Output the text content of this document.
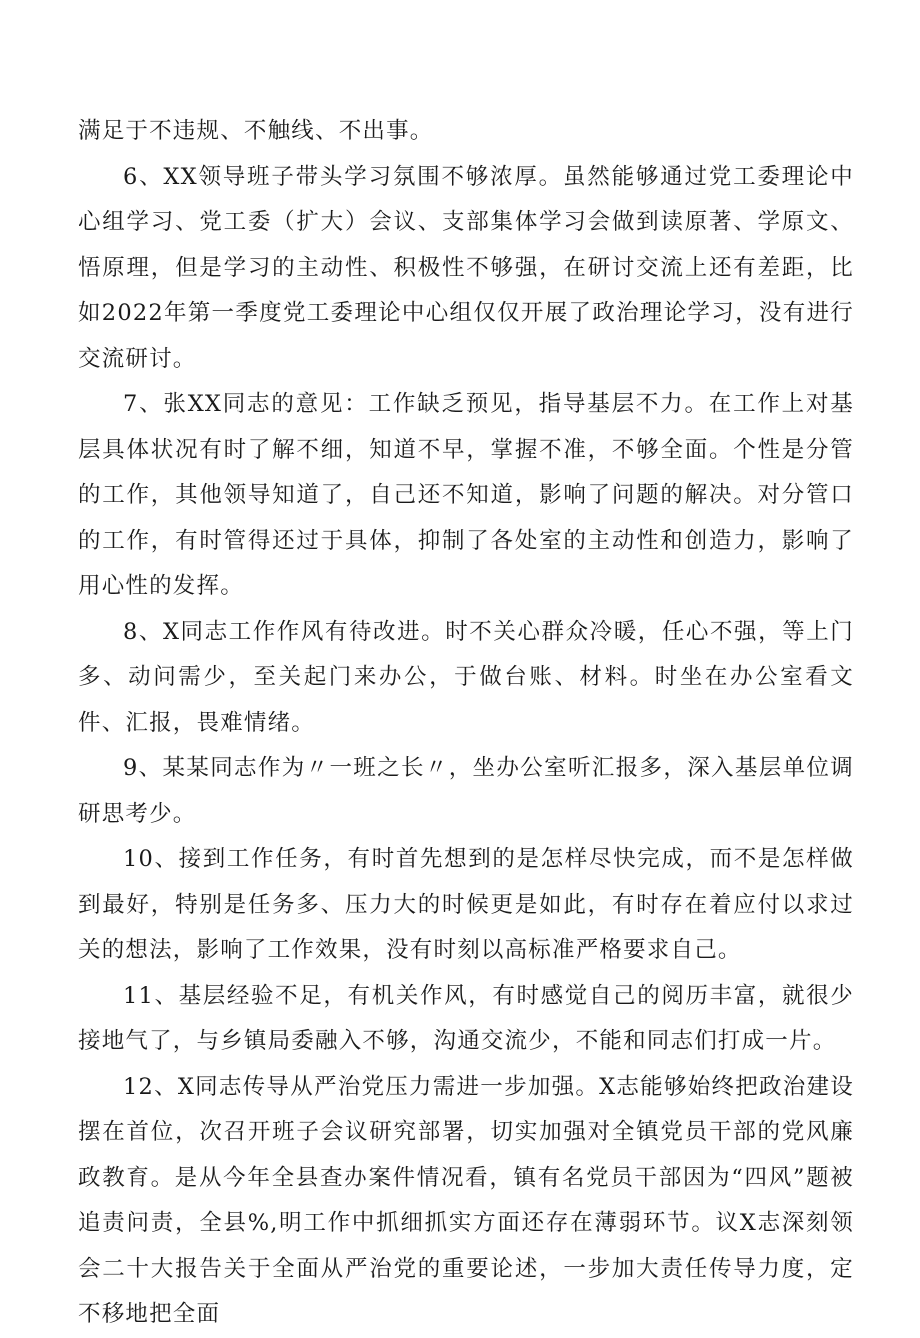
满足于不违规、不触线、不出事。

6、XX领导班子带头学习氛围不够浓厚。虽然能够通过党工委理论中心组学习、党工委（扩大）会议、支部集体学习会做到读原著、学原文、悟原理，但是学习的主动性、积极性不够强，在研讨交流上还有差距，比如2022年第一季度党工委理论中心组仅仅开展了政治理论学习，没有进行交流研讨。

7、张XX同志的意见：工作缺乏预见，指导基层不力。在工作上对基层具体状况有时了解不细，知道不早，掌握不准，不够全面。个性是分管的工作，其他领导知道了，自己还不知道，影响了问题的解决。对分管口的工作，有时管得还过于具体，抑制了各处室的主动性和创造力，影响了用心性的发挥。

8、X同志工作作风有待改进。时不关心群众冷暖，任心不强，等上门多、动问需少，至关起门来办公，于做台账、材料。时坐在办公室看文件、汇报，畏难情绪。

9、某某同志作为〃一班之长〃，坐办公室听汇报多，深入基层单位调研思考少。

10、接到工作任务，有时首先想到的是怎样尽快完成，而不是怎样做到最好，特别是任务多、压力大的时候更是如此，有时存在着应付以求过关的想法，影响了工作效果，没有时刻以高标准严格要求自己。

11、基层经验不足，有机关作风，有时感觉自己的阅历丰富，就很少接地气了，与乡镇局委融入不够，沟通交流少，不能和同志们打成一片。

12、X同志传导从严治党压力需进一步加强。X志能够始终把政治建设摆在首位，次召开班子会议研究部署，切实加强对全镇党员干部的党风廉政教育。是从今年全县查办案件情况看，镇有名党员干部因为“四风”题被追责问责，全县%,明工作中抓细抓实方面还存在薄弱环节。议X志深刻领会二十大报告关于全面从严治党的重要论述，一步加大责任传导力度，定不移地把全面
